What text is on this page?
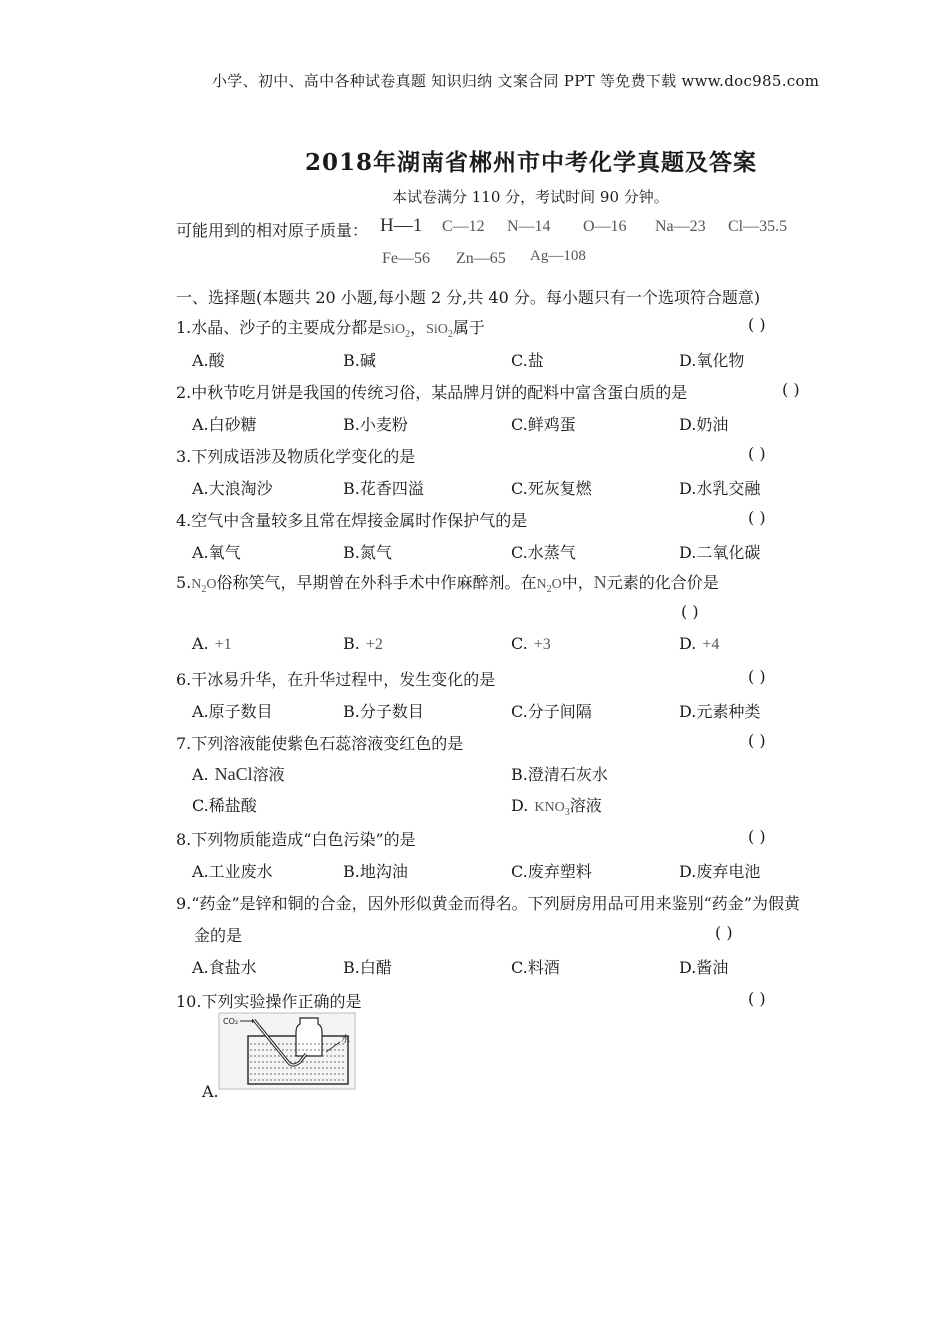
小学、初中、高中各种试卷真题 知识归纳 文案合同 PPT 等免费下载 www.doc985.com
2018年湖南省郴州市中考化学真题及答案
本试卷满分 110 分，考试时间 90 分钟。
可能用到的相对原子质量： H—1 C—12 N—14 O—16 Na—23 Cl—35.5
Fe—56 Zn—65 Ag—108
一、选择题(本题共 20 小题,每小题 2 分,共 40 分。每小题只有一个选项符合题意)
1.水晶、沙子的主要成分都是SiO$_2$，SiO$_2$属于	( )
A.酸	B.碱	C.盐	D.氧化物
2.中秋节吃月饼是我国的传统习俗，某品牌月饼的配料中富含蛋白质的是	( )
A.白砂糖	B.小麦粉	C.鲜鸡蛋	D.奶油
3.下列成语涉及物质化学变化的是	( )
A.大浪淘沙	B.花香四溢	C.死灰复燃	D.水乳交融
4.空气中含量较多且常在焊接金属时作保护气的是	( )
A.氧气	B.氮气	C.水蒸气	D.二氧化碳
$5.N_2O$俗称笑气，早期曾在外科手术中作麻醉剂。在$N_2O$中，N元素的化合价是
( )
A. +1	B. +2	C. +3	D. +4
6.干冰易升华，在升华过程中，发生变化的是	( )
A.原子数目	B.分子数目	C.分子间隔	D.元素种类
7.下列溶液能使紫色石蕊溶液变红色的是	( )
A. NaCl溶液	B.澄清石灰水
C.稀盐酸	D. $KNO_3$溶液
8.下列物质能造成“白色污染”的是	( )
A.工业废水	B.地沟油	C.废弃塑料	D.废弃电池
9.“药金”是锌和铜的合金，因外形似黄金而得名。下列厨房用品可用来鉴别“药金”为假黄
金的是	( )
A.食盐水	B.白醋	C.料酒	D.酱油
10.下列实验操作正确的是	( )
CO₂
水
A.
